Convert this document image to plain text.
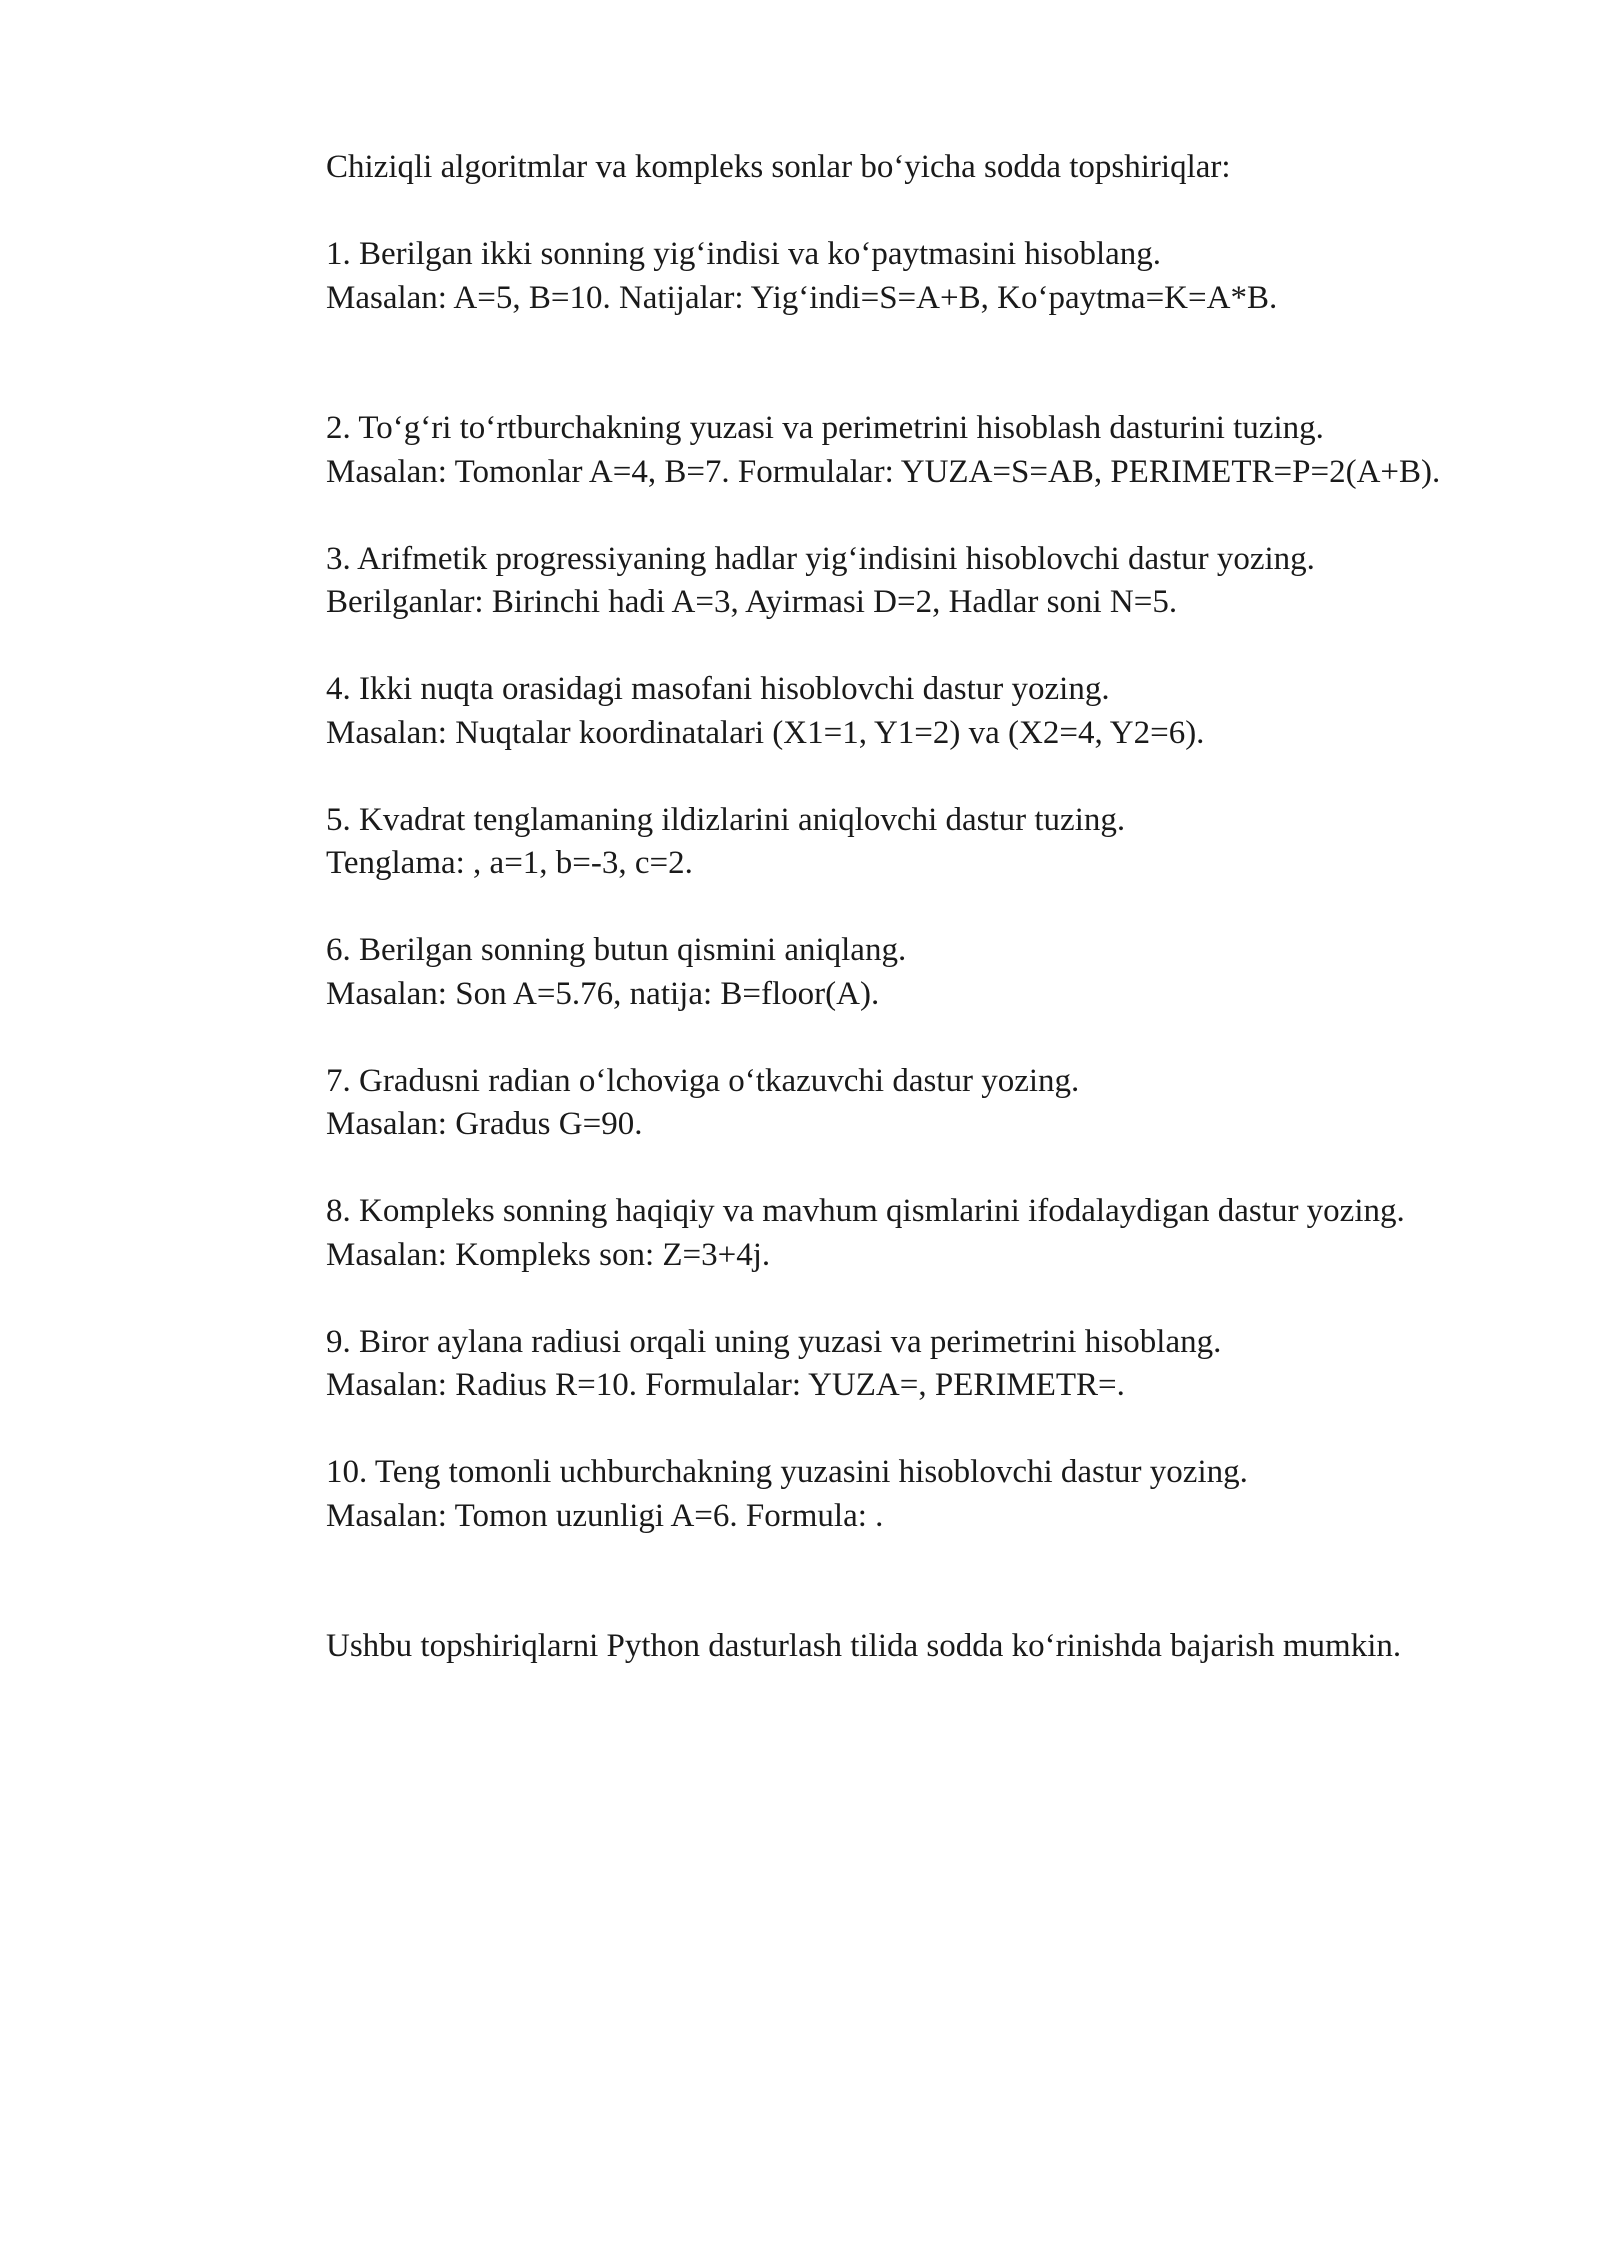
Chiziqli algoritmlar va kompleks sonlar bo‘yicha sodda topshiriqlar:

1. Berilgan ikki sonning yig‘indisi va ko‘paytmasini hisoblang.

Masalan: A=5, B=10. Natijalar: Yig‘indi=S=A+B, Ko‘paytma=K=A*B.

2. To‘g‘ri to‘rtburchakning yuzasi va perimetrini hisoblash dasturini tuzing.

Masalan: Tomonlar A=4, B=7. Formulalar: YUZA=S=AB, PERIMETR=P=2(A+B).

3. Arifmetik progressiyaning hadlar yig‘indisini hisoblovchi dastur yozing.

Berilganlar: Birinchi hadi A=3, Ayirmasi D=2, Hadlar soni N=5.

4. Ikki nuqta orasidagi masofani hisoblovchi dastur yozing.

Masalan: Nuqtalar koordinatalari (X1=1, Y1=2) va (X2=4, Y2=6).

5. Kvadrat tenglamaning ildizlarini aniqlovchi dastur tuzing.

Tenglama: , a=1, b=-3, c=2.

6. Berilgan sonning butun qismini aniqlang.

Masalan: Son A=5.76, natija: B=floor(A).

7. Gradusni radian o‘lchoviga o‘tkazuvchi dastur yozing.

Masalan: Gradus G=90.

8. Kompleks sonning haqiqiy va mavhum qismlarini ifodalaydigan dastur yozing.

Masalan: Kompleks son: Z=3+4j.

9. Biror aylana radiusi orqali uning yuzasi va perimetrini hisoblang.

Masalan: Radius R=10. Formulalar: YUZA=, PERIMETR=.

10. Teng tomonli uchburchakning yuzasini hisoblovchi dastur yozing.

Masalan: Tomon uzunligi A=6. Formula: .

Ushbu topshiriqlarni Python dasturlash tilida sodda ko‘rinishda bajarish mumkin.
